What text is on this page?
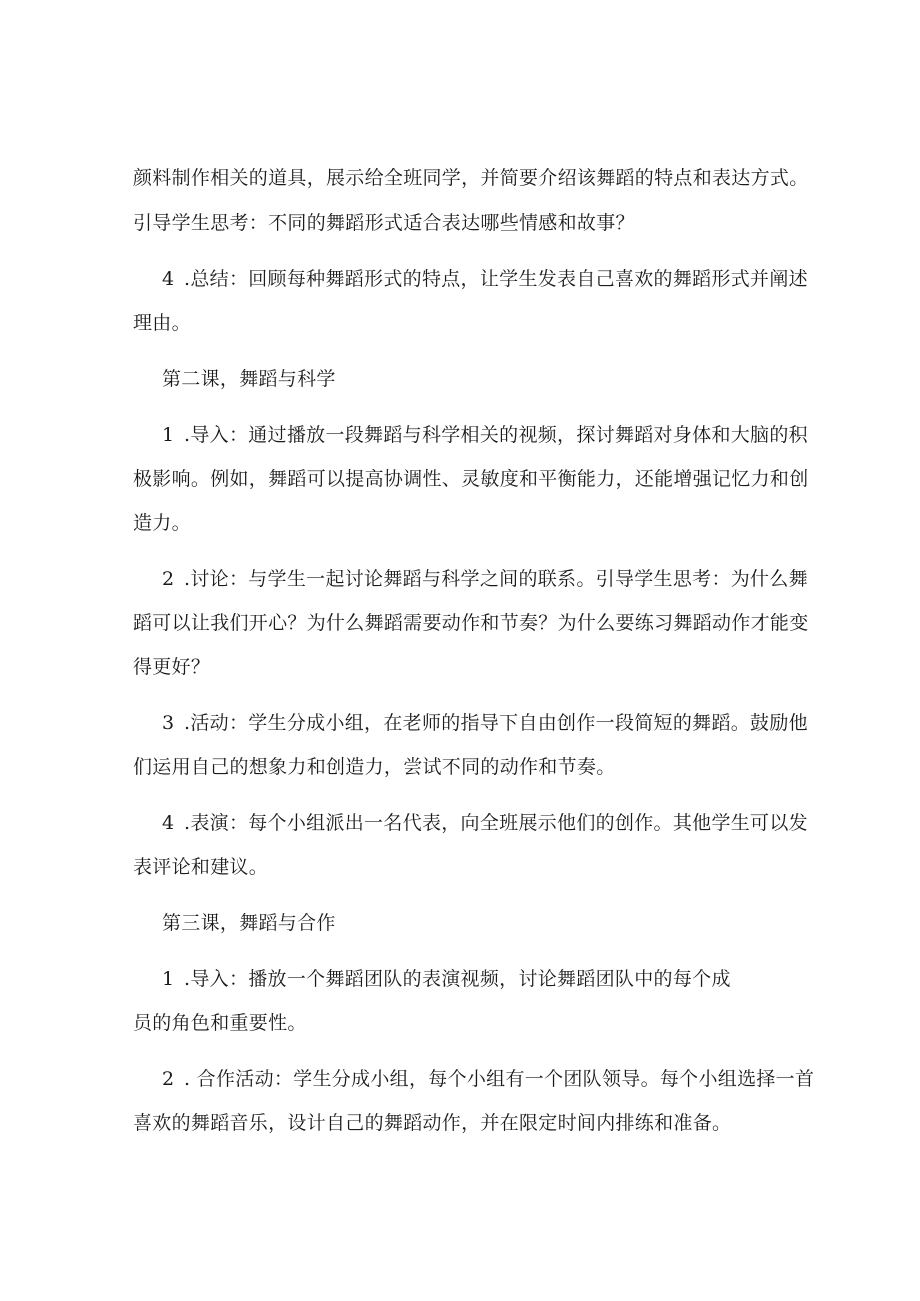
颜料制作相关的道具，展示给全班同学，并简要介绍该舞蹈的特点和表达方式。
引导学生思考：不同的舞蹈形式适合表达哪些情感和故事？
4 .总结：回顾每种舞蹈形式的特点，让学生发表自己喜欢的舞蹈形式并阐述
理由。
第二课，舞蹈与科学
1 .导入：通过播放一段舞蹈与科学相关的视频，探讨舞蹈对身体和大脑的积
极影响。例如，舞蹈可以提高协调性、灵敏度和平衡能力，还能增强记忆力和创
造力。
2 .讨论：与学生一起讨论舞蹈与科学之间的联系。引导学生思考：为什么舞
蹈可以让我们开心？为什么舞蹈需要动作和节奏？为什么要练习舞蹈动作才能变
得更好？
3 .活动：学生分成小组，在老师的指导下自由创作一段简短的舞蹈。鼓励他
们运用自己的想象力和创造力，尝试不同的动作和节奏。
4 .表演：每个小组派出一名代表，向全班展示他们的创作。其他学生可以发
表评论和建议。
第三课，舞蹈与合作
1 .导入：播放一个舞蹈团队的表演视频，讨论舞蹈团队中的每个成
员的角色和重要性。
2 . 合作活动：学生分成小组，每个小组有一个团队领导。每个小组选择一首
喜欢的舞蹈音乐，设计自己的舞蹈动作，并在限定时间内排练和准备。
